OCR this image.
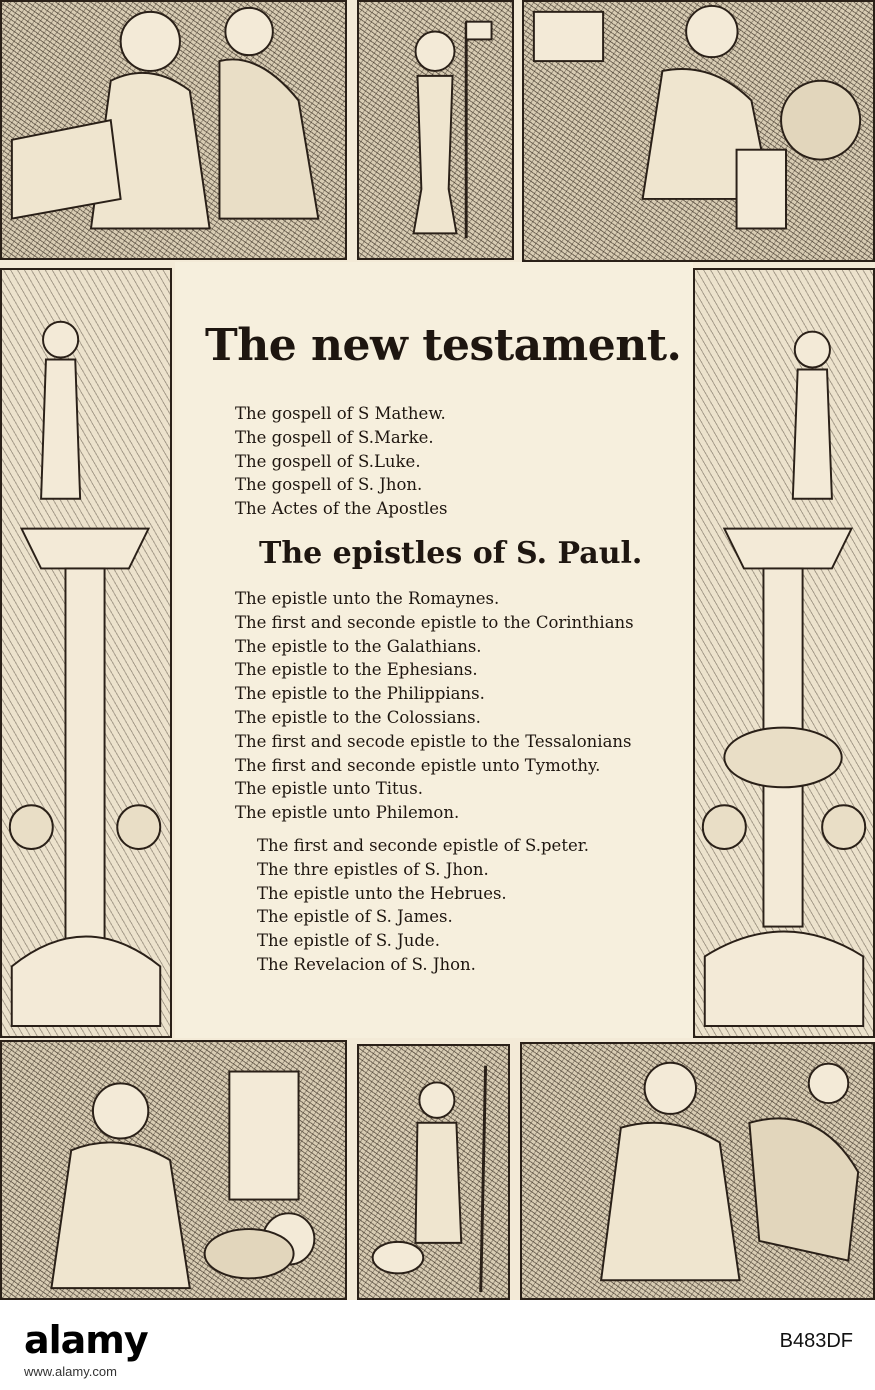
The new testament.
The gospell of S Mathew.
The gospell of S.Marke.
The gospell of S.Luke.
The gospell of S. Jhon.
The Actes of the Apostles
The epistles of S. Paul.
The epistle unto the Romaynes.
The first and seconde epistle to the Corinthians
The epistle to the Galathians.
The epistle to the Ephesians.
The epistle to the Philippians.
The epistle to the Colossians.
The first and secode epistle to the Tessalonians
The first and seconde epistle unto Tymothy.
The epistle unto Titus.
The epistle unto Philemon.
The first and seconde epistle of S.peter.
The thre epistles of S. Jhon.
The epistle unto the Hebrues.
The epistle of S. James.
The epistle of S. Jude.
The Revelacion of S. Jhon.
alamy	B483DF
www.alamy.com
